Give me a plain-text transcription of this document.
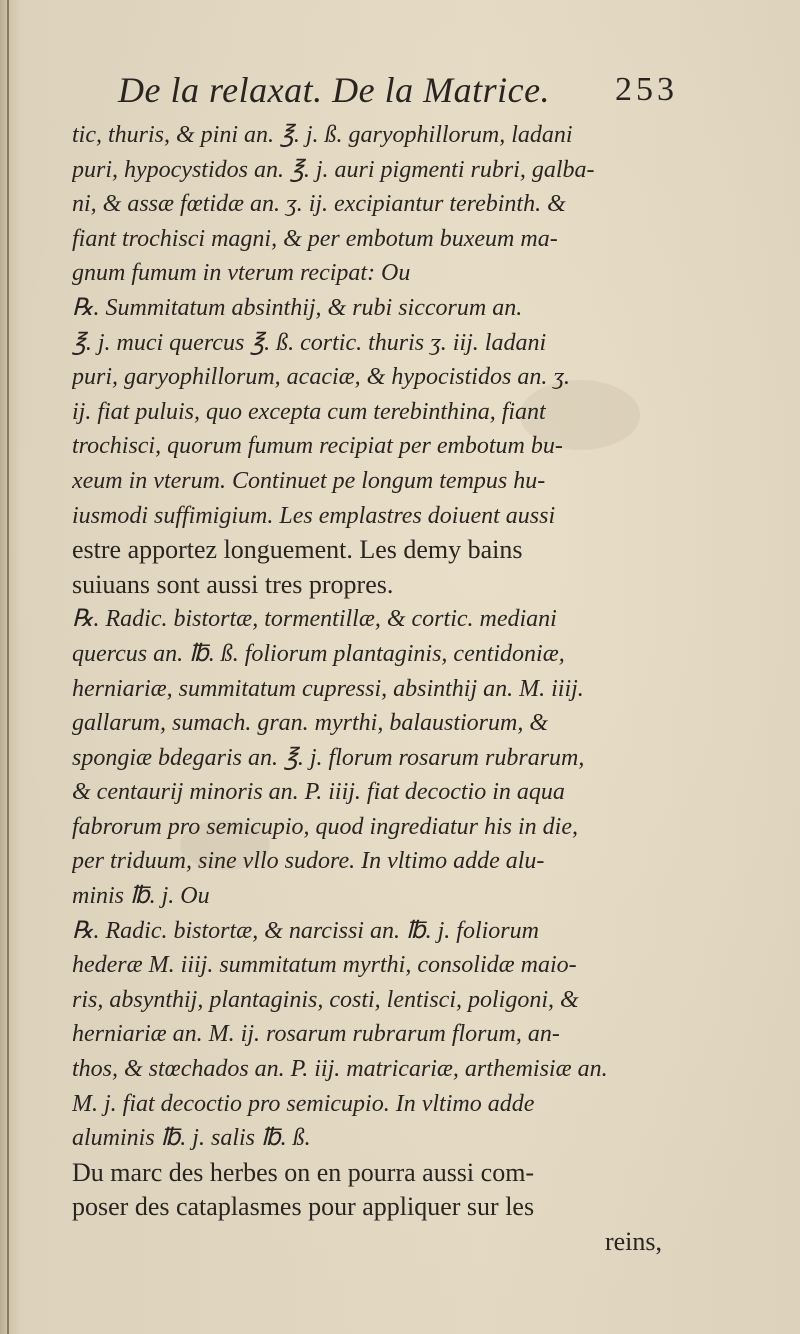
De la relaxat. De la Matrice. 253
tic, thuris, & pini an. ℥. j. ß. garyophillorum, ladani
puri, hypocystidos an. ℥. j. auri pigmenti rubri, galba-
ni, & assæ fœtidæ an. ʒ. ij. excipiantur terebinth. &
fiant trochisci magni, & per embotum buxeum ma-
gnum fumum in vterum recipat: Ou
℞. Summitatum absinthij, & rubi siccorum an.
℥. j. muci quercus ℥. ß. cortic. thuris ʒ. iij. ladani
puri, garyophillorum, acaciæ, & hypocistidos an. ʒ.
ij. fiat puluis, quo excepta cum terebinthina, fiant
trochisci, quorum fumum recipiat per embotum bu-
xeum in vterum. Continuet pe longum tempus hu-
iusmodi suffimigium. Les emplastres doiuent aussi
estre apportez longuement. Les demy bains
suiuans sont aussi tres propres.
℞. Radic. bistortæ, tormentillæ, & cortic. mediani
quercus an. ℔. ß. foliorum plantaginis, centidoniæ,
herniariæ, summitatum cupressi, absinthij an. M. iiij.
gallarum, sumach. gran. myrthi, balaustiorum, &
spongiæ bdegaris an. ℥. j. florum rosarum rubrarum,
& centaurij minoris an. P. iiij. fiat decoctio in aqua
fabrorum pro semicupio, quod ingrediatur his in die,
per triduum, sine vllo sudore. In vltimo adde alu-
minis ℔. j. Ou
℞. Radic. bistortæ, & narcissi an. ℔. j. foliorum
hederæ M. iiij. summitatum myrthi, consolidæ maio-
ris, absynthij, plantaginis, costi, lentisci, poligoni, &
herniariæ an. M. ij. rosarum rubrarum florum, an-
thos, & stœchados an. P. iij. matricariæ, arthemisiæ an.
M. j. fiat decoctio pro semicupio. In vltimo adde
aluminis ℔. j. salis ℔. ß.
Du marc des herbes on en pourra aussi com-
poser des cataplasmes pour appliquer sur les
reins,
